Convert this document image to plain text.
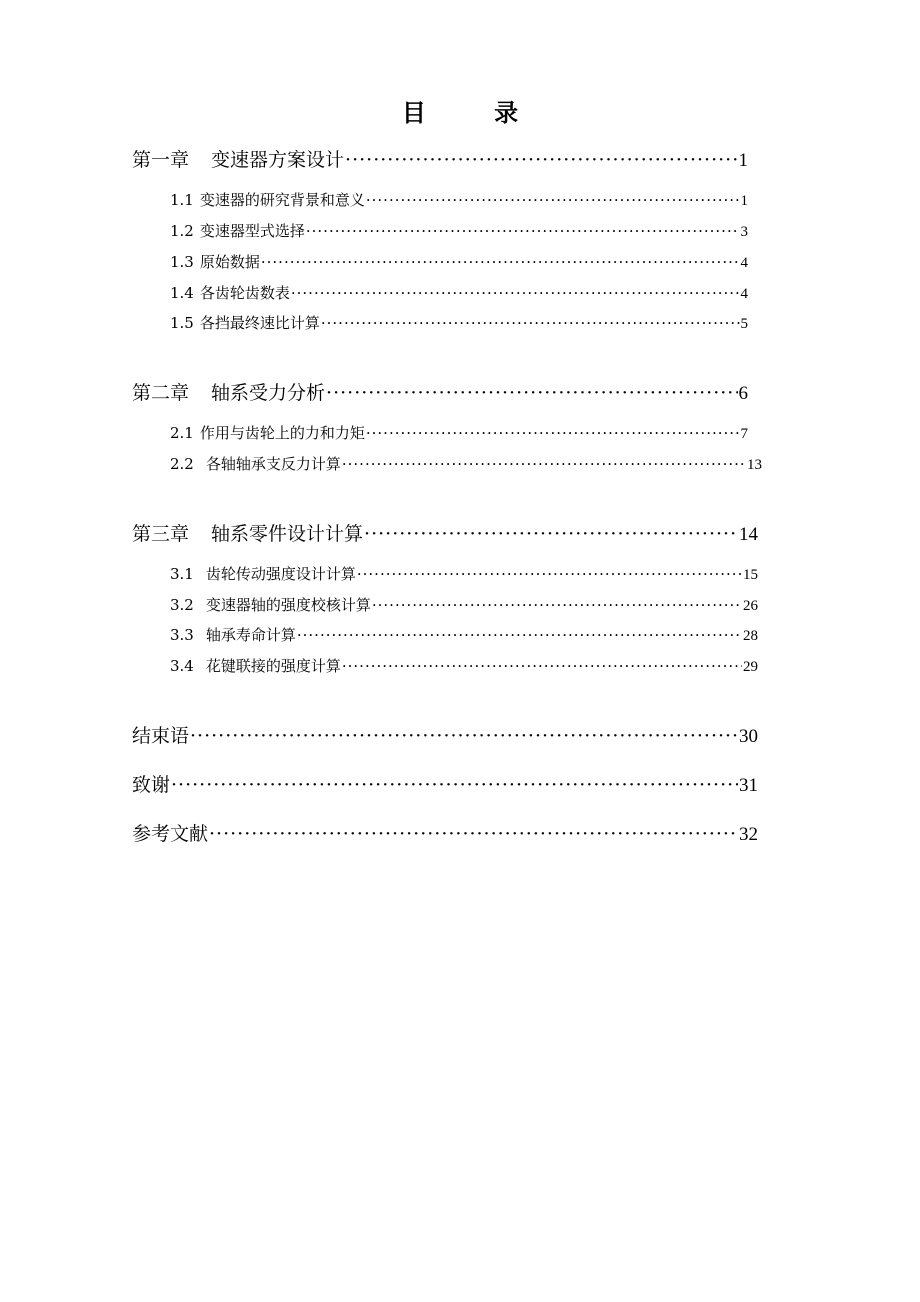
目 录
第一章 变速器方案设计 ·····	1
1.1 变速器的研究背景和意义 ·····	1
1.2 变速器型式选择 ·····	3
1.3 原始数据 ·····	4
1.4 各齿轮齿数表 ·····	4
1.5 各挡最终速比计算 ·····	5
第二章 轴系受力分析 ·····	6
2.1 作用与齿轮上的力和力矩 ·····	7
2.2 各轴轴承支反力计算 ·····	13
第三章 轴系零件设计计算 ·····	14
3.1 齿轮传动强度设计计算 ·····	15
3.2 变速器轴的强度校核计算 ·····	26
3.3 轴承寿命计算 ·····	28
3.4 花键联接的强度计算 ·····	29
结束语 ·····	30
致谢 ·····	31
参考文献 ·····	32
